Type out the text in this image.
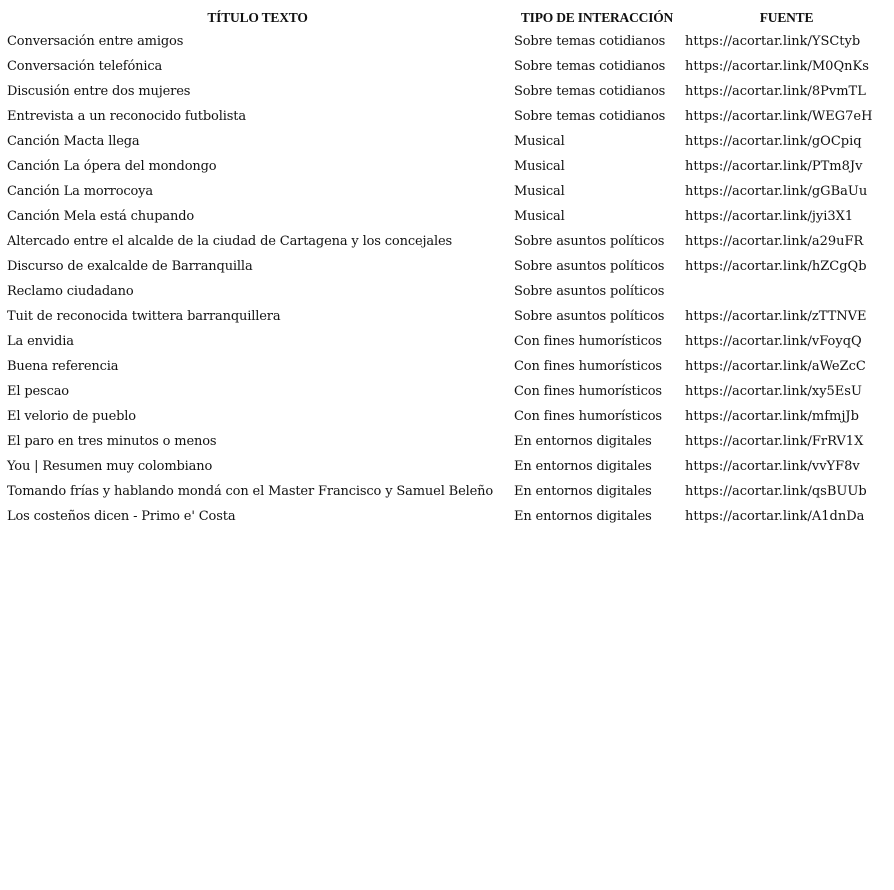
TÍTULO TEXTO	TIPO DE INTERACCIÓN	FUENTE
Conversación entre amigos	Sobre temas cotidianos	https://acortar.link/YSCtyb
Conversación telefónica	Sobre temas cotidianos	https://acortar.link/M0QnKs
Discusión entre dos mujeres	Sobre temas cotidianos	https://acortar.link/8PvmTL
Entrevista a un reconocido futbolista	Sobre temas cotidianos	https://acortar.link/WEG7eH
Canción Macta llega	Musical	https://acortar.link/gOCpiq
Canción La ópera del mondongo	Musical	https://acortar.link/PTm8Jv
Canción La morrocoya	Musical	https://acortar.link/gGBaUu
Canción Mela está chupando	Musical	https://acortar.link/jyi3X1
Altercado entre el alcalde de la ciudad de Cartagena y los concejales	Sobre asuntos políticos	https://acortar.link/a29uFR
Discurso de exalcalde de Barranquilla	Sobre asuntos políticos	https://acortar.link/hZCgQb
Reclamo ciudadano	Sobre asuntos políticos	
Tuit de reconocida twittera barranquillera	Sobre asuntos políticos	https://acortar.link/zTTNVE
La envidia	Con fines humorísticos	https://acortar.link/vFoyqQ
Buena referencia	Con fines humorísticos	https://acortar.link/aWeZcC
El pescao	Con fines humorísticos	https://acortar.link/xy5EsU
El velorio de pueblo	Con fines humorísticos	https://acortar.link/mfmjJb
El paro en tres minutos o menos	En entornos digitales	https://acortar.link/FrRV1X
You | Resumen muy colombiano	En entornos digitales	https://acortar.link/vvYF8v
Tomando frías y hablando mondá con el Master Francisco y Samuel Beleño	En entornos digitales	https://acortar.link/qsBUUb
Los costeños dicen - Primo e' Costa	En entornos digitales	https://acortar.link/A1dnDa
